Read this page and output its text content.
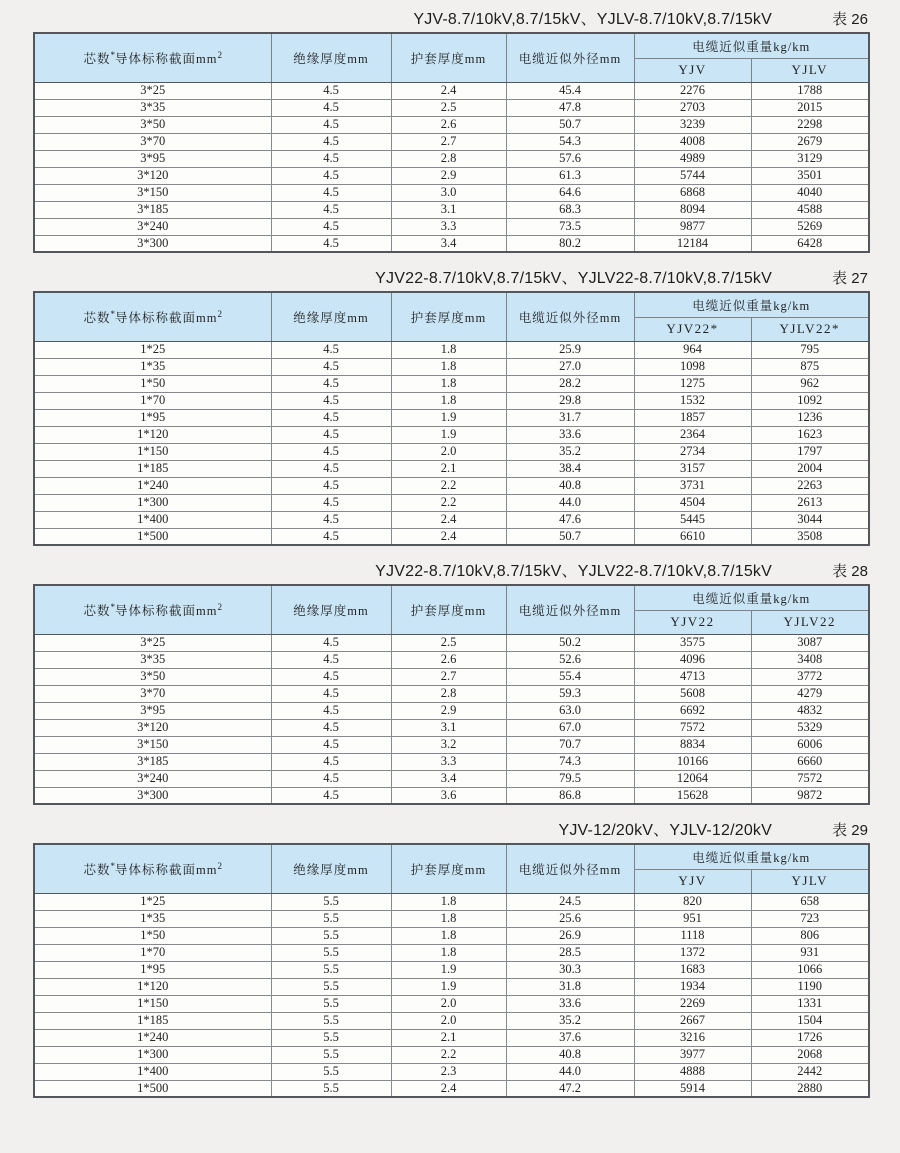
YJV-8.7/10kV,8.7/15kV、YJLV-8.7/10kV,8.7/15kV	表 26
芯数*导体标称截面$mm^2$	绝缘厚度mm	护套厚度mm	电缆近似外径mm	电缆近似重量kg/km	
				YJV	YJLV
3*25	4.5	2.4	45.4	2276	1788
3*35	4.5	2.5	47.8	2703	2015
3*50	4.5	2.6	50.7	3239	2298
3*70	4.5	2.7	54.3	4008	2679
3*95	4.5	2.8	57.6	4989	3129
3*120	4.5	2.9	61.3	5744	3501
3*150	4.5	3.0	64.6	6868	4040
3*185	4.5	3.1	68.3	8094	4588
3*240	4.5	3.3	73.5	9877	5269
3*300	4.5	3.4	80.2	12184	6428
YJV22-8.7/10kV,8.7/15kV、YJLV22-8.7/10kV,8.7/15kV	表 27
芯数*导体标称截面$mm^2$	绝缘厚度mm	护套厚度mm	电缆近似外径mm	电缆近似重量kg/km	
				YJV22*	YJLV22*
1*25	4.5	1.8	25.9	964	795
1*35	4.5	1.8	27.0	1098	875
1*50	4.5	1.8	28.2	1275	962
1*70	4.5	1.8	29.8	1532	1092
1*95	4.5	1.9	31.7	1857	1236
1*120	4.5	1.9	33.6	2364	1623
1*150	4.5	2.0	35.2	2734	1797
1*185	4.5	2.1	38.4	3157	2004
1*240	4.5	2.2	40.8	3731	2263
1*300	4.5	2.2	44.0	4504	2613
1*400	4.5	2.4	47.6	5445	3044
1*500	4.5	2.4	50.7	6610	3508
YJV22-8.7/10kV,8.7/15kV、YJLV22-8.7/10kV,8.7/15kV	表 28
芯数*导体标称截面$mm^2$	绝缘厚度mm	护套厚度mm	电缆近似外径mm	电缆近似重量kg/km	
				YJV22	YJLV22
3*25	4.5	2.5	50.2	3575	3087
3*35	4.5	2.6	52.6	4096	3408
3*50	4.5	2.7	55.4	4713	3772
3*70	4.5	2.8	59.3	5608	4279
3*95	4.5	2.9	63.0	6692	4832
3*120	4.5	3.1	67.0	7572	5329
3*150	4.5	3.2	70.7	8834	6006
3*185	4.5	3.3	74.3	10166	6660
3*240	4.5	3.4	79.5	12064	7572
3*300	4.5	3.6	86.8	15628	9872
YJV-12/20kV、YJLV-12/20kV	表 29
芯数*导体标称截面$mm^2$	绝缘厚度mm	护套厚度mm	电缆近似外径mm	电缆近似重量kg/km	
				YJV	YJLV
1*25	5.5	1.8	24.5	820	658
1*35	5.5	1.8	25.6	951	723
1*50	5.5	1.8	26.9	1118	806
1*70	5.5	1.8	28.5	1372	931
1*95	5.5	1.9	30.3	1683	1066
1*120	5.5	1.9	31.8	1934	1190
1*150	5.5	2.0	33.6	2269	1331
1*185	5.5	2.0	35.2	2667	1504
1*240	5.5	2.1	37.6	3216	1726
1*300	5.5	2.2	40.8	3977	2068
1*400	5.5	2.3	44.0	4888	2442
1*500	5.5	2.4	47.2	5914	2880
